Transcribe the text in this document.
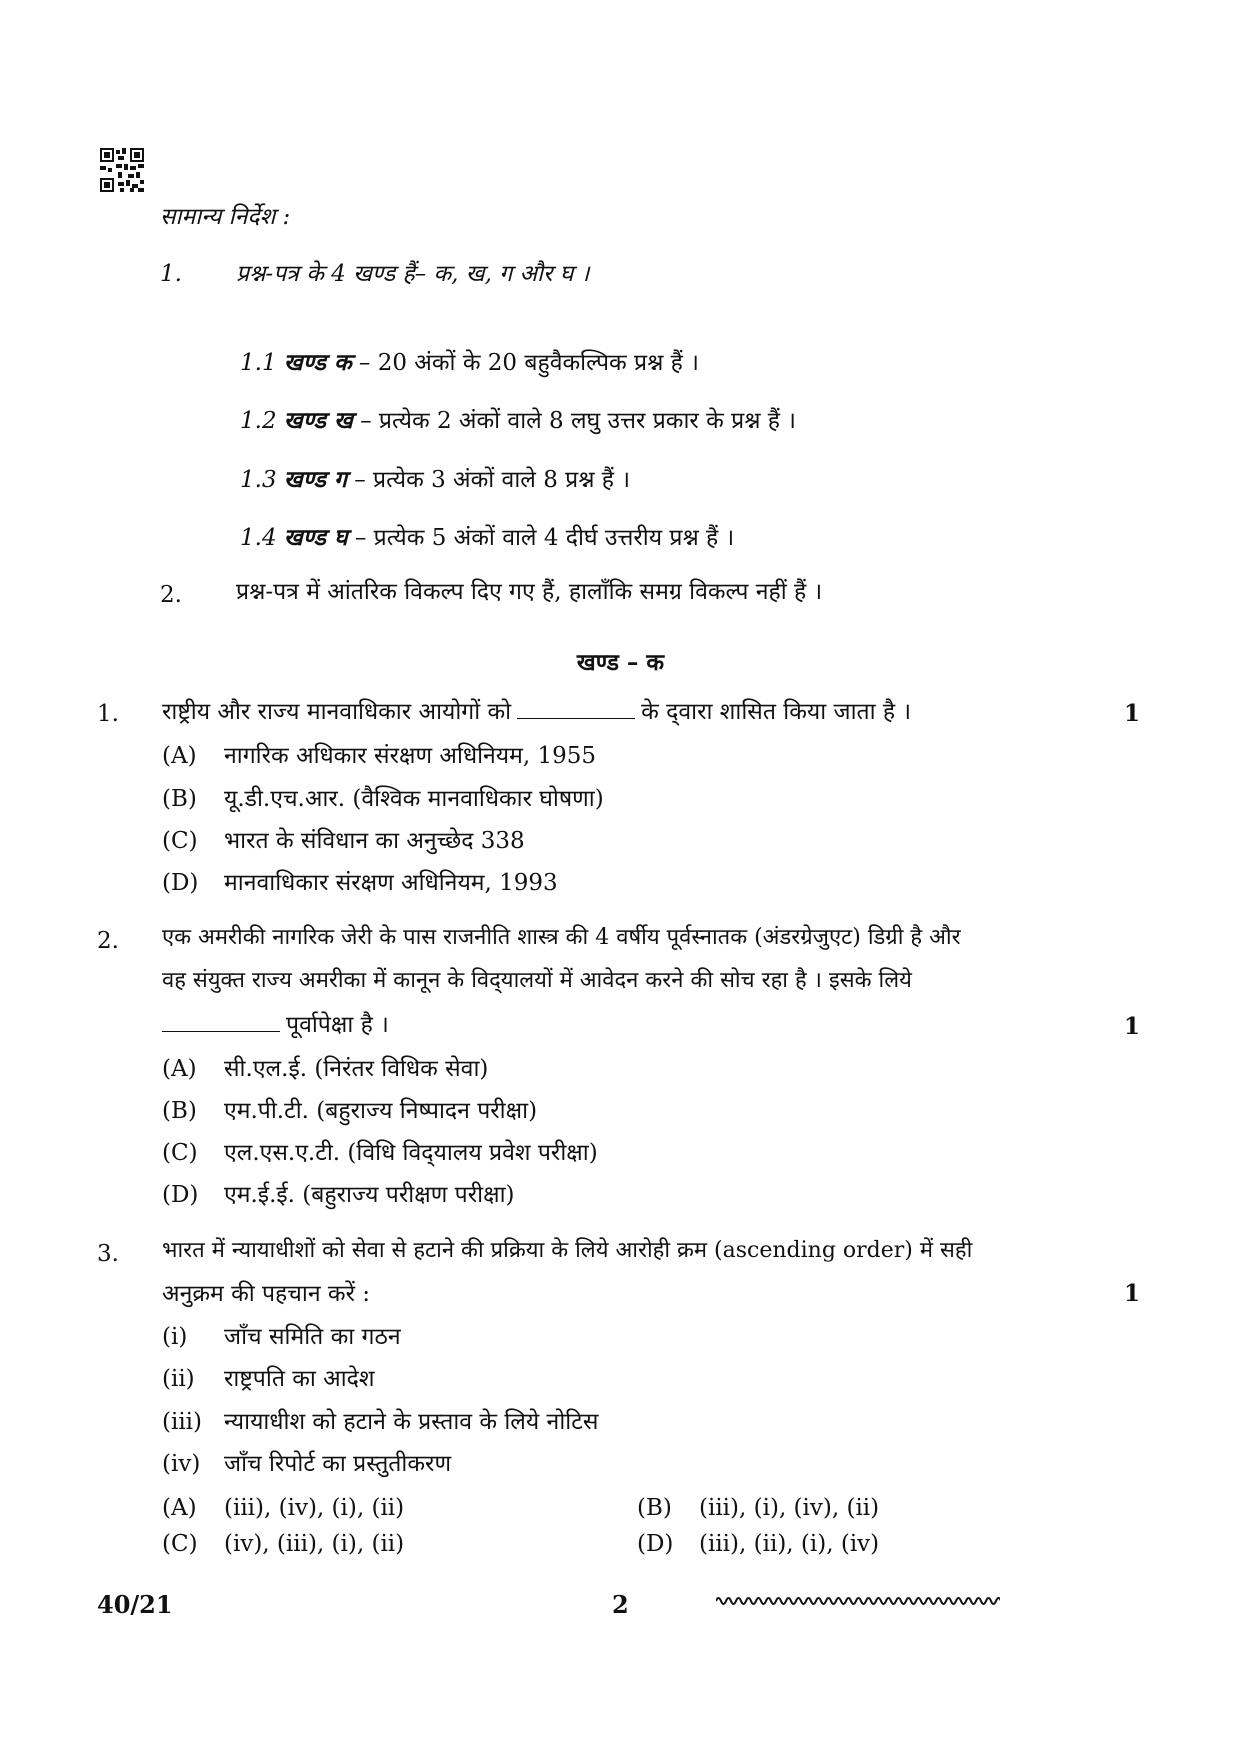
सामान्य निर्देश :
1. प्रश्न-पत्र के 4 खण्ड हैं– क, ख, ग और घ ।
1.1 खण्ड क – 20 अंकों के 20 बहुवैकल्पिक प्रश्न हैं ।
1.2 खण्ड ख – प्रत्येक 2 अंकों वाले 8 लघु उत्तर प्रकार के प्रश्न हैं ।
1.3 खण्ड ग – प्रत्येक 3 अंकों वाले 8 प्रश्न हैं ।
1.4 खण्ड घ – प्रत्येक 5 अंकों वाले 4 दीर्घ उत्तरीय प्रश्न हैं ।
2. प्रश्न-पत्र में आंतरिक विकल्प दिए गए हैं, हालाँकि समग्र विकल्प नहीं हैं ।
खण्ड – क
1. राष्ट्रीय और राज्य मानवाधिकार आयोगों को	के द्‌वारा शासित किया जाता है ।	1
(A) नागरिक अधिकार संरक्षण अधिनियम, 1955
(B) यू.डी.एच.आर. (वैश्विक मानवाधिकार घोषणा)
(C) भारत के संविधान का अनुच्छेद 338
(D) मानवाधिकार संरक्षण अधिनियम, 1993
2. एक अमरीकी नागरिक जेरी के पास राजनीति शास्त्र की 4 वर्षीय पूर्वस्नातक (अंडरग्रेजुएट) डिग्री है और
वह संयुक्त राज्य अमरीका में कानून के विद्‌यालयों में आवेदन करने की सोच रहा है । इसके लिये
पूर्वापेक्षा है ।	1
(A) सी.एल.ई. (निरंतर विधिक सेवा)
(B) एम.पी.टी. (बहुराज्य निष्पादन परीक्षा)
(C) एल.एस.ए.टी. (विधि विद्‌यालय प्रवेश परीक्षा)
(D) एम.ई.ई. (बहुराज्य परीक्षण परीक्षा)
3. भारत में न्यायाधीशों को सेवा से हटाने की प्रक्रिया के लिये आरोही क्रम (ascending order) में सही
अनुक्रम की पहचान करें :	1
(i) जाँच समिति का गठन
(ii) राष्ट्रपति का आदेश
(iii) न्यायाधीश को हटाने के प्रस्ताव के लिये नोटिस
(iv) जाँच रिपोर्ट का प्रस्तुतीकरण
(A) (iii), (iv), (i), (ii)	(B) (iii), (i), (iv), (ii)
(C) (iv), (iii), (i), (ii)	(D) (iii), (ii), (i), (iv)
40/21	2
